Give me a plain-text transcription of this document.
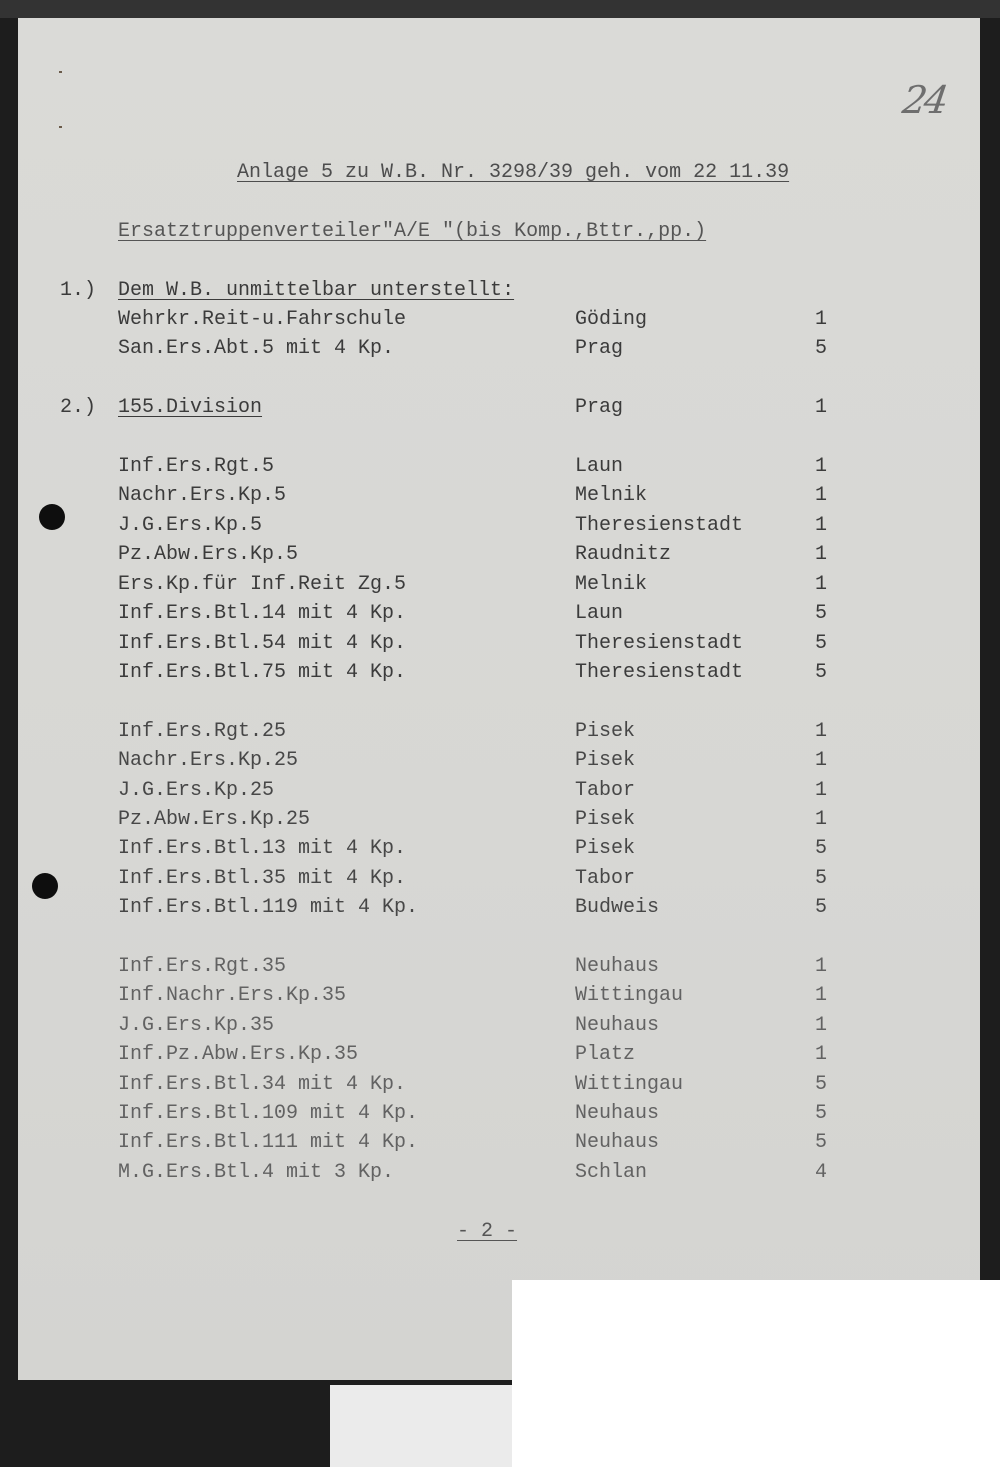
24

Anlage 5 zu W.B. Nr. 3298/39 geh. vom 22 11.39

Ersatztruppenverteiler"A/E "(bis Komp.,Bttr.,pp.)

1.) Dem W.B. unmittelbar unterstellt:
Wehrkr.Reit-u.Fahrschule	Göding	1
San.Ers.Abt.5 mit 4 Kp.	Prag	5
2.) 155.Division	Prag	1
Inf.Ers.Rgt.5	Laun	1
Nachr.Ers.Kp.5	Melnik	1
J.G.Ers.Kp.5	Theresienstadt	1
Pz.Abw.Ers.Kp.5	Raudnitz	1
Ers.Kp.für Inf.Reit Zg.5	Melnik	1
Inf.Ers.Btl.14 mit 4 Kp.	Laun	5
Inf.Ers.Btl.54 mit 4 Kp.	Theresienstadt	5
Inf.Ers.Btl.75 mit 4 Kp.	Theresienstadt	5
Inf.Ers.Rgt.25	Pisek	1
Nachr.Ers.Kp.25	Pisek	1
J.G.Ers.Kp.25	Tabor	1
Pz.Abw.Ers.Kp.25	Pisek	1
Inf.Ers.Btl.13 mit 4 Kp.	Pisek	5
Inf.Ers.Btl.35 mit 4 Kp.	Tabor	5
Inf.Ers.Btl.119 mit 4 Kp.	Budweis	5
Inf.Ers.Rgt.35	Neuhaus	1
Inf.Nachr.Ers.Kp.35	Wittingau	1
J.G.Ers.Kp.35	Neuhaus	1
Inf.Pz.Abw.Ers.Kp.35	Platz	1
Inf.Ers.Btl.34 mit 4 Kp.	Wittingau	5
Inf.Ers.Btl.109 mit 4 Kp.	Neuhaus	5
Inf.Ers.Btl.111 mit 4 Kp.	Neuhaus	5
M.G.Ers.Btl.4 mit 3 Kp.	Schlan	4

- 2 -
